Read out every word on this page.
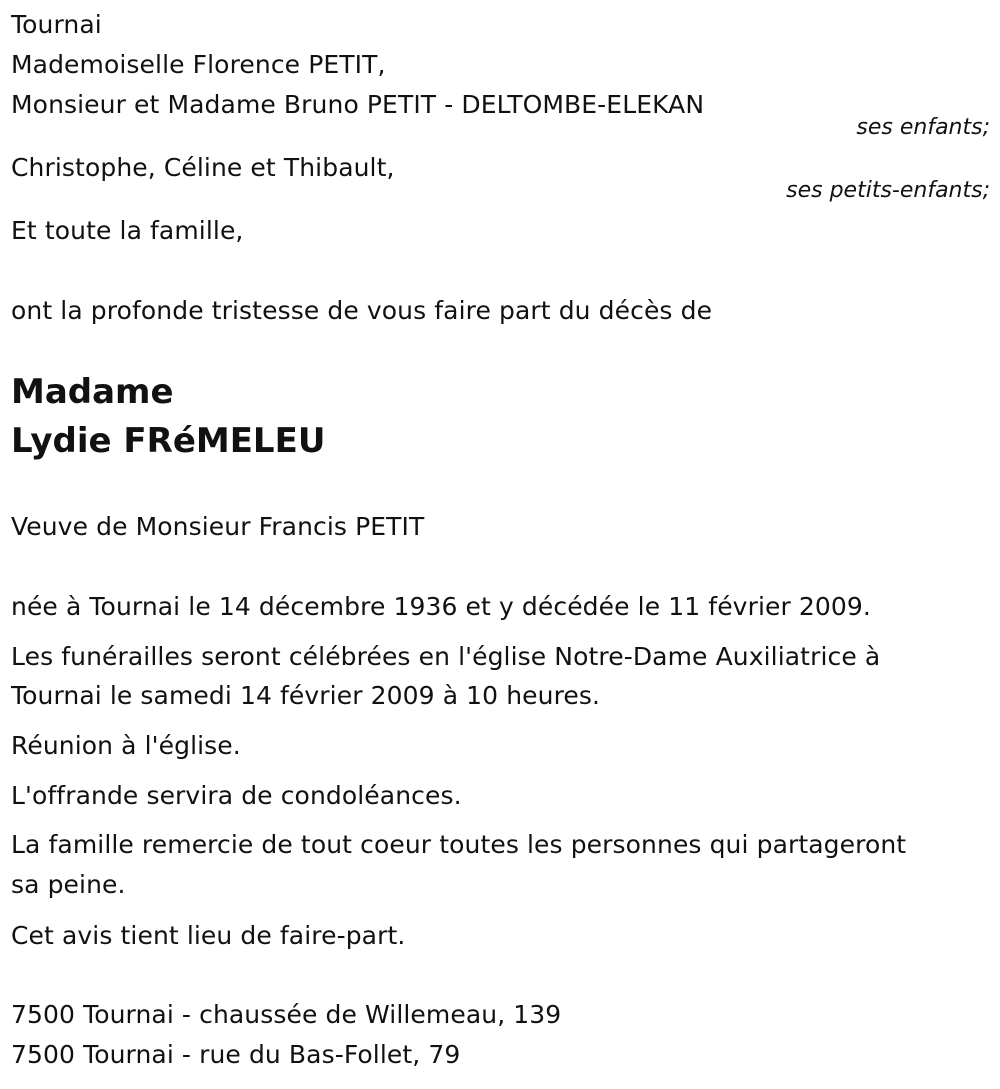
Tournai
Mademoiselle Florence PETIT,
Monsieur et Madame Bruno PETIT - DELTOMBE-ELEKAN
ses enfants;
Christophe, Céline et Thibault,
ses petits-enfants;
Et toute la famille,
ont la profonde tristesse de vous faire part du décès de
Madame
Lydie FRéMELEU
Veuve de Monsieur Francis PETIT
née à Tournai le 14 décembre 1936 et y décédée le 11 février 2009.
Les funérailles seront célébrées en l'église Notre-Dame Auxiliatrice à
Tournai le samedi 14 février 2009 à 10 heures.
Réunion à l'église.
L'offrande servira de condoléances.
La famille remercie de tout coeur toutes les personnes qui partageront
sa peine.
Cet avis tient lieu de faire-part.
7500 Tournai - chaussée de Willemeau, 139
7500 Tournai - rue du Bas-Follet, 79
